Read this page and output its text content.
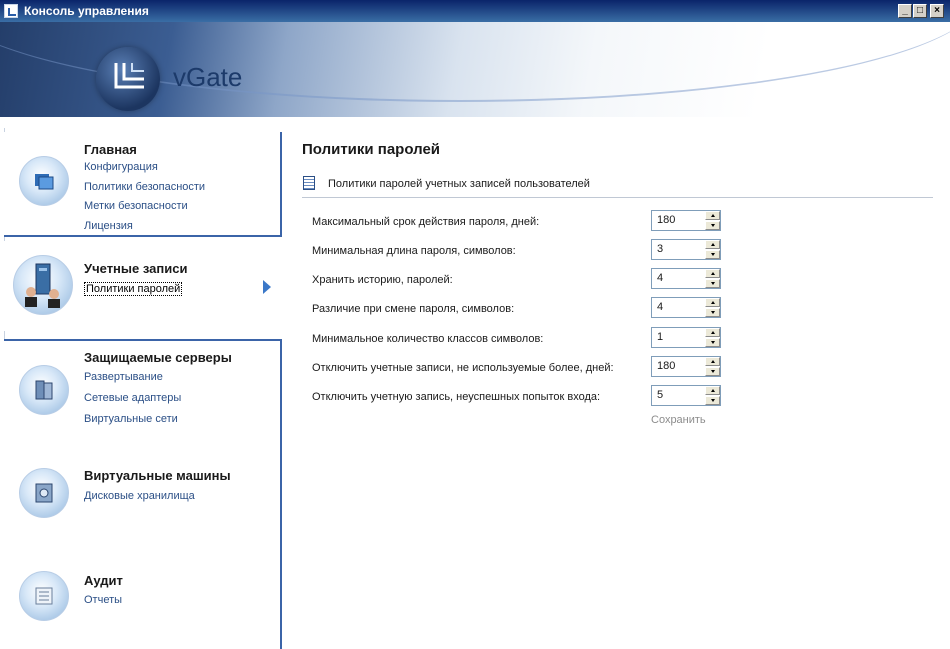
Консоль управления	_ □	×
vGate
Главная
Конфигурация
Политики безопасности
Метки безопасности
Лицензия
Учетные записи
Политики паролей
Защищаемые серверы
Развертывание
Сетевые адаптеры
Виртуальные сети
Виртуальные машины
Дисковые хранилища
Аудит
Отчеты
Политики паролей
Политики паролей учетных записей пользователей
Максимальный срок действия пароля, дней:	180
Минимальная длина пароля, символов:	3
Хранить историю, паролей:	4
Различие при смене пароля, символов:	4
Минимальное количество классов символов:	1
Отключить учетные записи, не используемые более, дней:	180
Отключить учетную запись, неуспешных попыток входа:	5
Сохранить
